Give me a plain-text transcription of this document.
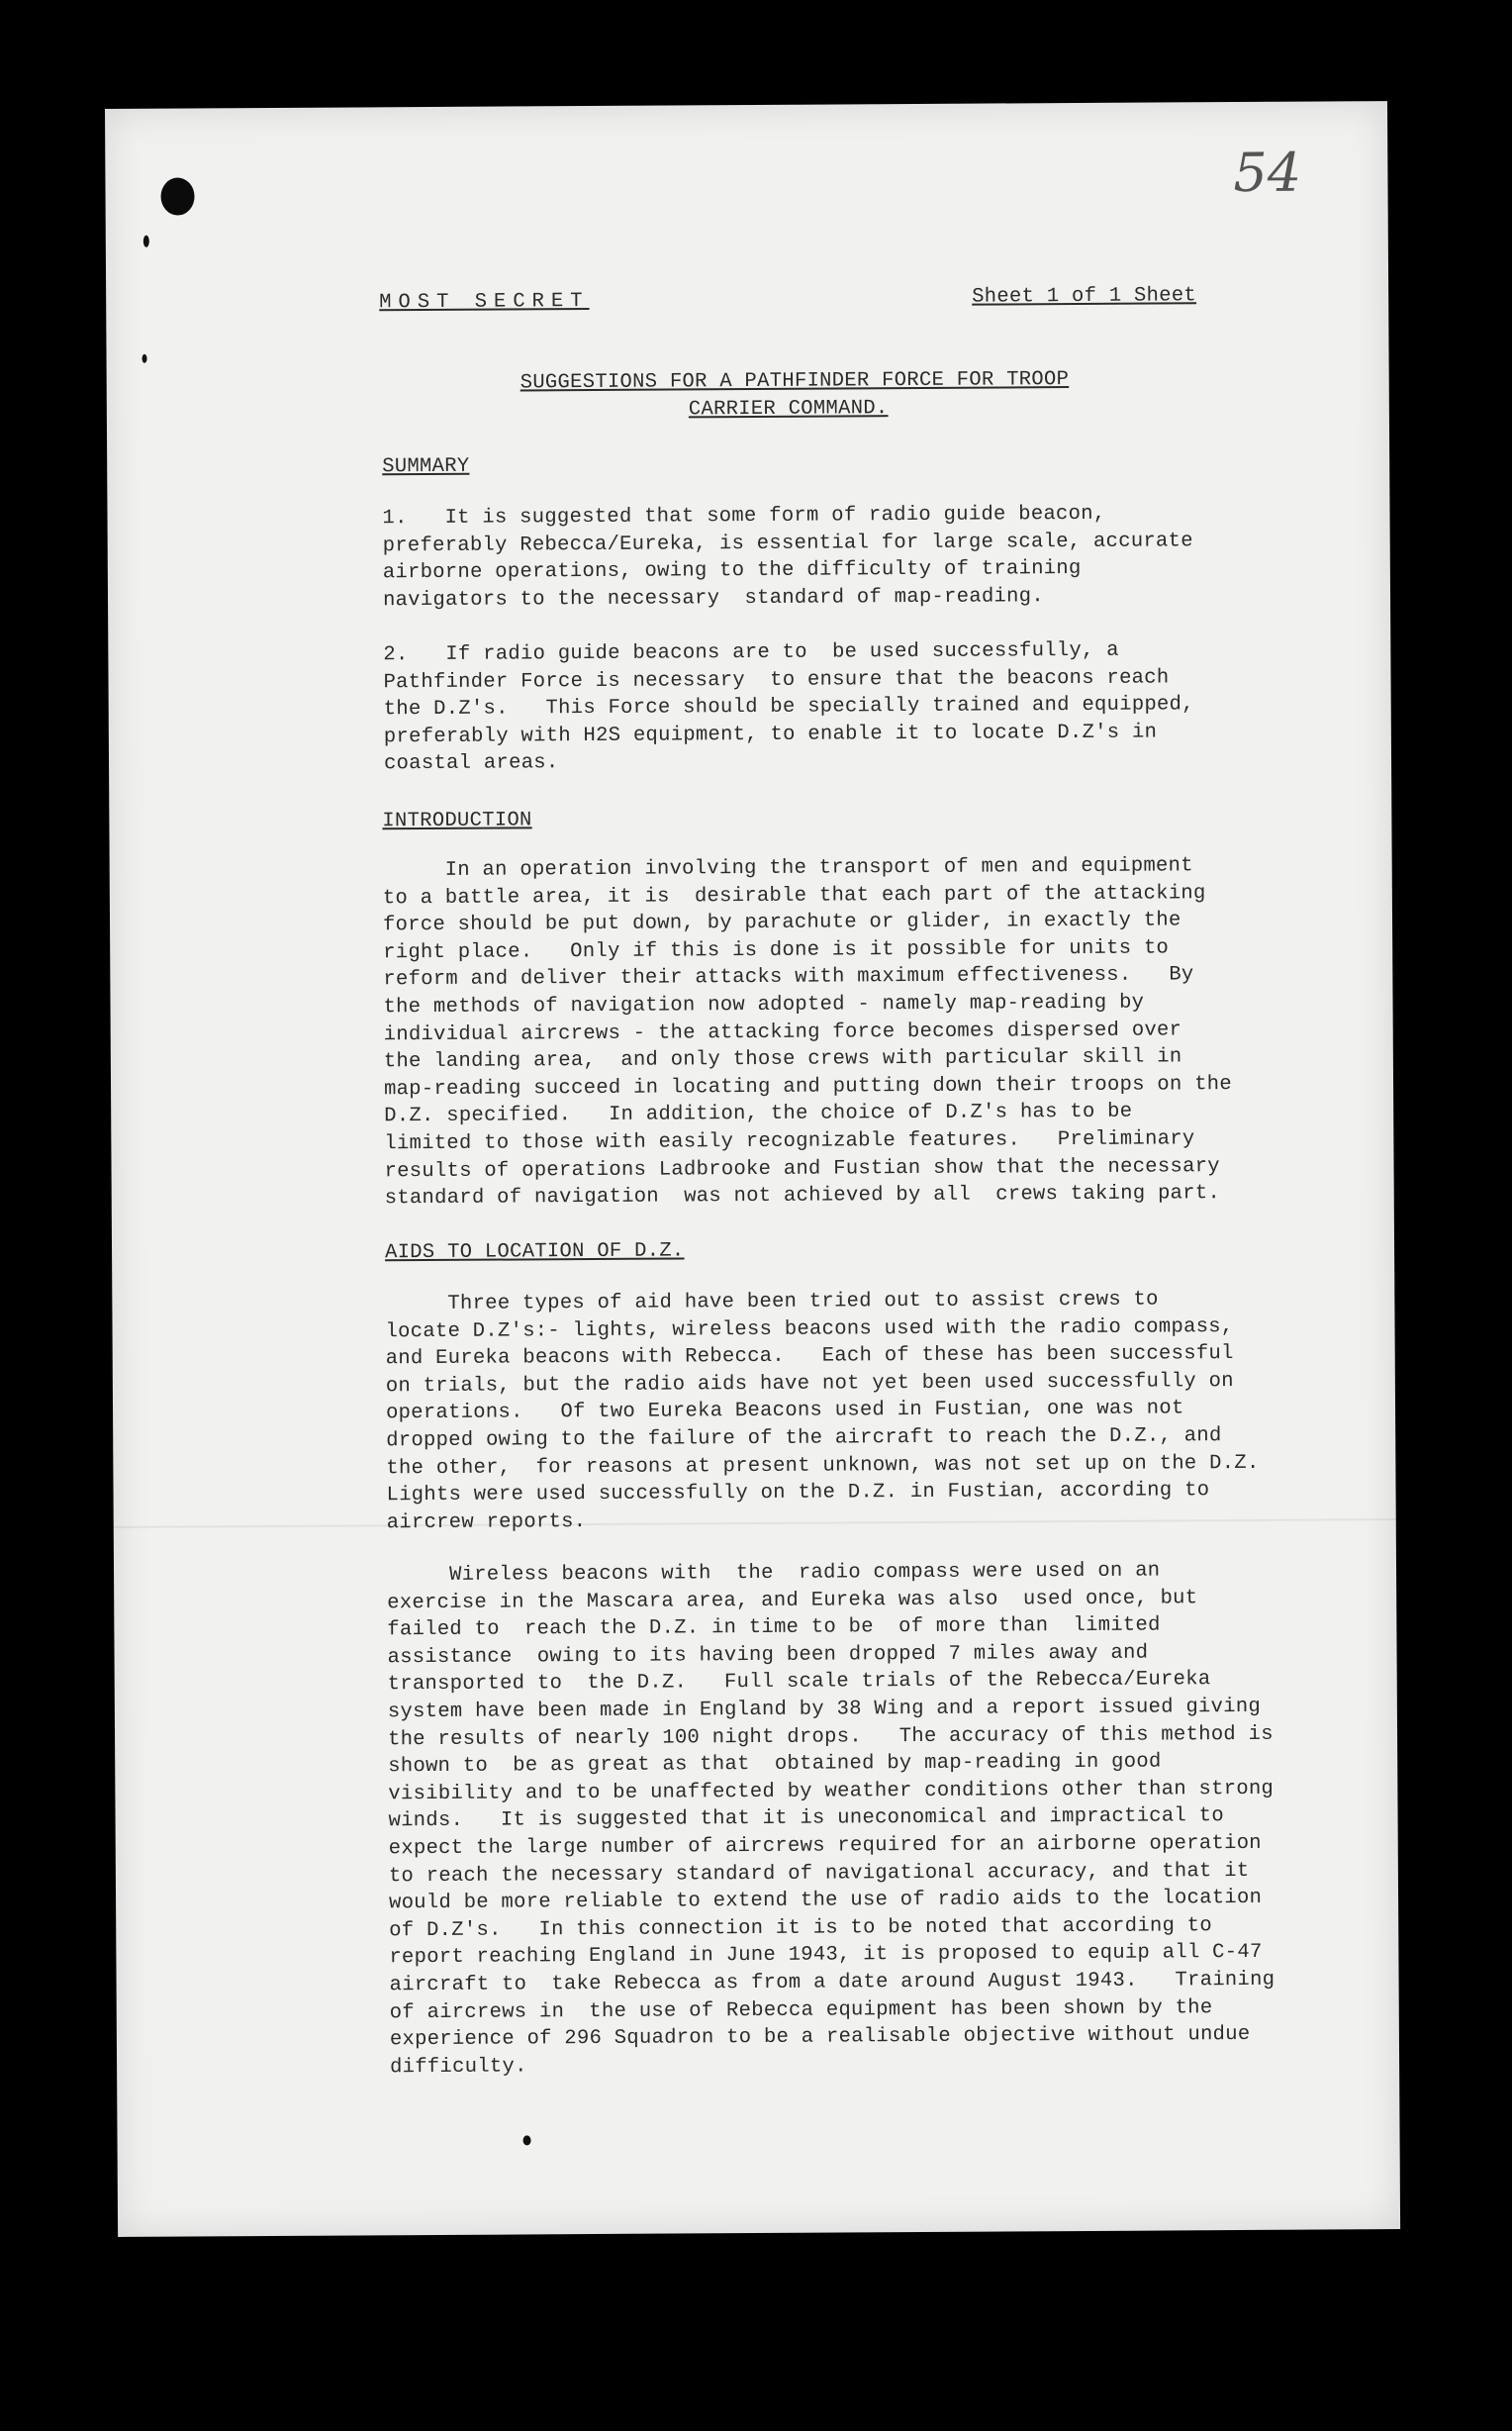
54
MOST SECRET	Sheet 1 of 1 Sheet
SUGGESTIONS FOR A PATHFINDER FORCE FOR TROOP
CARRIER COMMAND.
SUMMARY
1.   It is suggested that some form of radio guide beacon,
preferably Rebecca/Eureka, is essential for large scale, accurate
airborne operations, owing to the difficulty of training
navigators to the necessary  standard of map-reading.
2.   If radio guide beacons are to  be used successfully, a
Pathfinder Force is necessary  to ensure that the beacons reach
the D.Z's.   This Force should be specially trained and equipped,
preferably with H2S equipment, to enable it to locate D.Z's in
coastal areas.
INTRODUCTION
In an operation involving the transport of men and equipment
to a battle area, it is  desirable that each part of the attacking
force should be put down, by parachute or glider, in exactly the
right place.   Only if this is done is it possible for units to
reform and deliver their attacks with maximum effectiveness.   By
the methods of navigation now adopted - namely map-reading by
individual aircrews - the attacking force becomes dispersed over
the landing area,  and only those crews with particular skill in
map-reading succeed in locating and putting down their troops on the
D.Z. specified.   In addition, the choice of D.Z's has to be
limited to those with easily recognizable features.   Preliminary
results of operations Ladbrooke and Fustian show that the necessary
standard of navigation  was not achieved by all  crews taking part.
AIDS TO LOCATION OF D.Z.
Three types of aid have been tried out to assist crews to
locate D.Z's:- lights, wireless beacons used with the radio compass,
and Eureka beacons with Rebecca.   Each of these has been successful
on trials, but the radio aids have not yet been used successfully on
operations.   Of two Eureka Beacons used in Fustian, one was not
dropped owing to the failure of the aircraft to reach the D.Z., and
the other,  for reasons at present unknown, was not set up on the D.Z.
Lights were used successfully on the D.Z. in Fustian, according to
aircrew reports.
Wireless beacons with  the  radio compass were used on an
exercise in the Mascara area, and Eureka was also  used once, but
failed to  reach the D.Z. in time to be  of more than  limited
assistance  owing to its having been dropped 7 miles away and
transported to  the D.Z.   Full scale trials of the Rebecca/Eureka
system have been made in England by 38 Wing and a report issued giving
the results of nearly 100 night drops.   The accuracy of this method is
shown to  be as great as that  obtained by map-reading in good
visibility and to be unaffected by weather conditions other than strong
winds.   It is suggested that it is uneconomical and impractical to
expect the large number of aircrews required for an airborne operation
to reach the necessary standard of navigational accuracy, and that it
would be more reliable to extend the use of radio aids to the location
of D.Z's.   In this connection it is to be noted that according to
report reaching England in June 1943, it is proposed to equip all C-47
aircraft to  take Rebecca as from a date around August 1943.   Training
of aircrews in  the use of Rebecca equipment has been shown by the
experience of 296 Squadron to be a realisable objective without undue
difficulty.
